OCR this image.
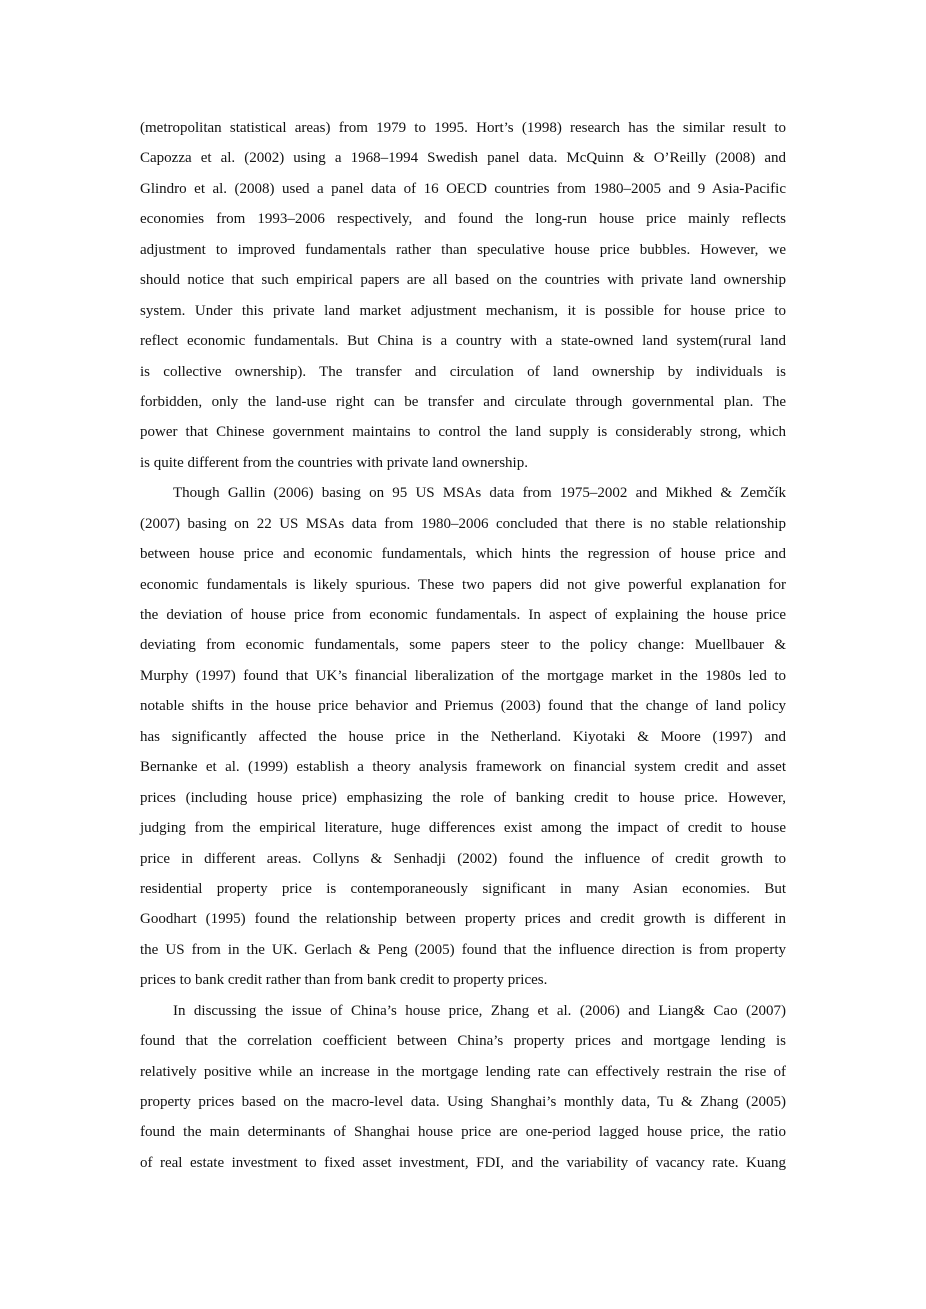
(metropolitan statistical areas) from 1979 to 1995. Hort’s (1998) research has the similar result to
Capozza et al. (2002) using a 1968–1994 Swedish panel data. McQuinn & O’Reilly (2008) and
Glindro et al. (2008) used a panel data of 16 OECD countries from 1980–2005 and 9 Asia-Pacific
economies from 1993–2006 respectively, and found the long-run house price mainly reflects
adjustment to improved fundamentals rather than speculative house price bubbles. However, we
should notice that such empirical papers are all based on the countries with private land ownership
system. Under this private land market adjustment mechanism, it is possible for house price to
reflect economic fundamentals. But China is a country with a state-owned land system(rural land
is collective ownership). The transfer and circulation of land ownership by individuals is
forbidden, only the land-use right can be transfer and circulate through governmental plan. The
power that Chinese government maintains to control the land supply is considerably strong, which
is quite different from the countries with private land ownership.
Though Gallin (2006) basing on 95 US MSAs data from 1975–2002 and Mikhed & Zemčík
(2007) basing on 22 US MSAs data from 1980–2006 concluded that there is no stable relationship
between house price and economic fundamentals, which hints the regression of house price and
economic fundamentals is likely spurious. These two papers did not give powerful explanation for
the deviation of house price from economic fundamentals. In aspect of explaining the house price
deviating from economic fundamentals, some papers steer to the policy change: Muellbauer &
Murphy (1997) found that UK’s financial liberalization of the mortgage market in the 1980s led to
notable shifts in the house price behavior and Priemus (2003) found that the change of land policy
has significantly affected the house price in the Netherland. Kiyotaki & Moore (1997) and
Bernanke et al. (1999) establish a theory analysis framework on financial system credit and asset
prices (including house price) emphasizing the role of banking credit to house price. However,
judging from the empirical literature, huge differences exist among the impact of credit to house
price in different areas. Collyns & Senhadji (2002) found the influence of credit growth to
residential property price is contemporaneously significant in many Asian economies. But
Goodhart (1995) found the relationship between property prices and credit growth is different in
the US from in the UK. Gerlach & Peng (2005) found that the influence direction is from property
prices to bank credit rather than from bank credit to property prices.
In discussing the issue of China’s house price, Zhang et al. (2006) and Liang& Cao (2007)
found that the correlation coefficient between China’s property prices and mortgage lending is
relatively positive while an increase in the mortgage lending rate can effectively restrain the rise of
property prices based on the macro-level data. Using Shanghai’s monthly data, Tu & Zhang (2005)
found the main determinants of Shanghai house price are one-period lagged house price, the ratio
of real estate investment to fixed asset investment, FDI, and the variability of vacancy rate. Kuang
